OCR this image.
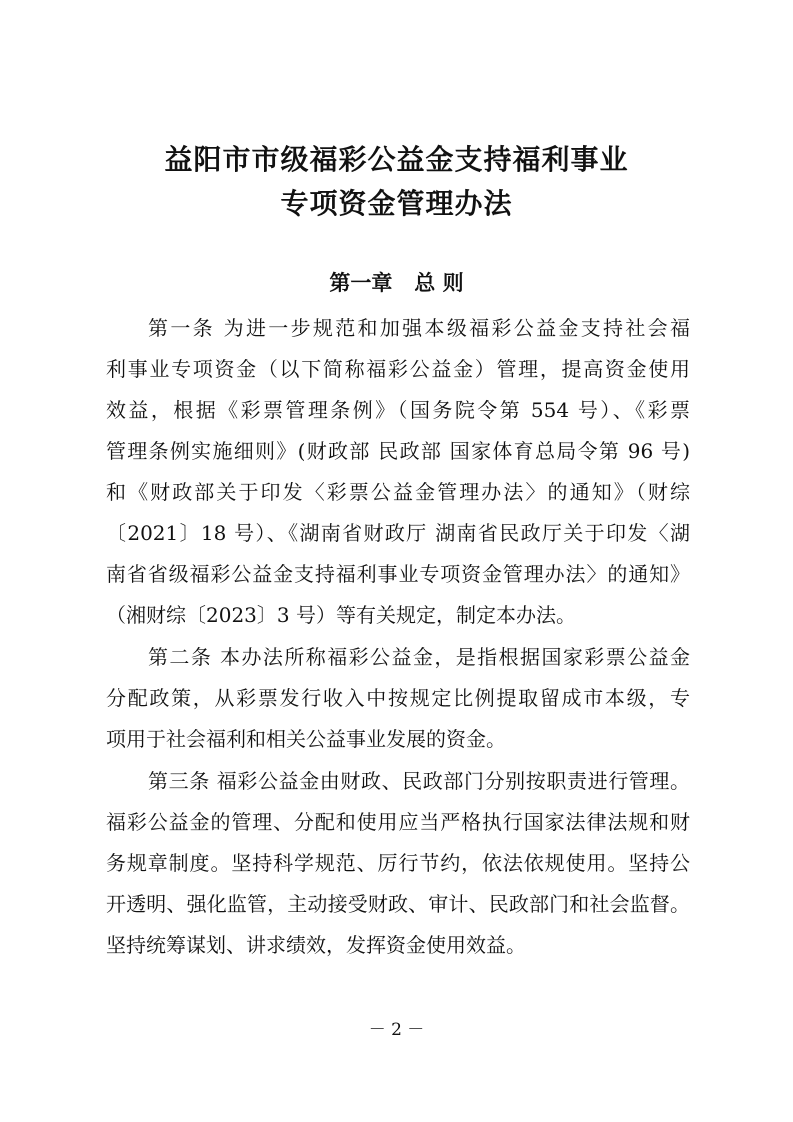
益阳市市级福彩公益金支持福利事业
专项资金管理办法
第一章   总 则
第一条 为进一步规范和加强本级福彩公益金支持社会福
利事业专项资金（以下简称福彩公益金）管理，提高资金使用
效益，根据《彩票管理条例》（国务院令第 554 号）、《彩票
管理条例实施细则》(财政部 民政部 国家体育总局令第 96 号)
和《财政部关于印发〈彩票公益金管理办法〉的通知》（财综
〔2021〕18 号）、《湖南省财政厅 湖南省民政厅关于印发〈湖
南省省级福彩公益金支持福利事业专项资金管理办法〉的通知》
（湘财综〔2023〕3 号）等有关规定，制定本办法。
第二条 本办法所称福彩公益金，是指根据国家彩票公益金
分配政策，从彩票发行收入中按规定比例提取留成市本级，专
项用于社会福利和相关公益事业发展的资金。
第三条 福彩公益金由财政、民政部门分别按职责进行管理。
福彩公益金的管理、分配和使用应当严格执行国家法律法规和财
务规章制度。坚持科学规范、厉行节约，依法依规使用。坚持公
开透明、强化监管，主动接受财政、审计、民政部门和社会监督。
坚持统筹谋划、讲求绩效，发挥资金使用效益。
－ 2 －
